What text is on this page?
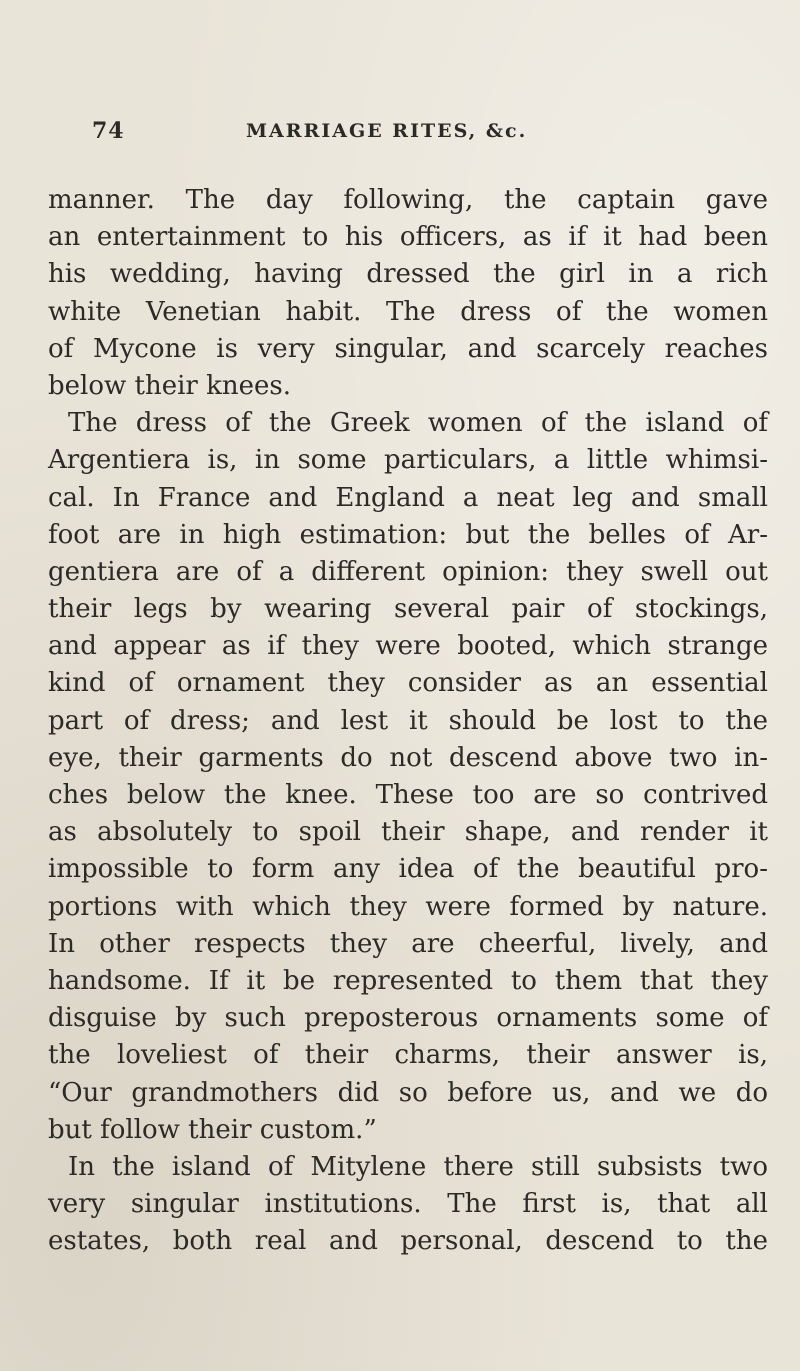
74	MARRIAGE RITES, &c.
manner. The day following, the captain gave
an entertainment to his officers, as if it had been
his wedding, having dressed the girl in a rich
white Venetian habit. The dress of the women
of Mycone is very singular, and scarcely reaches
below their knees.
The dress of the Greek women of the island of
Argentiera is, in some particulars, a little whimsi-
cal. In France and England a neat leg and small
foot are in high estimation: but the belles of Ar-
gentiera are of a different opinion: they swell out
their legs by wearing several pair of stockings,
and appear as if they were booted, which strange
kind of ornament they consider as an essential
part of dress; and lest it should be lost to the
eye, their garments do not descend above two in-
ches below the knee. These too are so contrived
as absolutely to spoil their shape, and render it
impossible to form any idea of the beautiful pro-
portions with which they were formed by nature.
In other respects they are cheerful, lively, and
handsome. If it be represented to them that they
disguise by such preposterous ornaments some of
the loveliest of their charms, their answer is,
“Our grandmothers did so before us, and we do
but follow their custom.”
In the island of Mitylene there still subsists two
very singular institutions. The first is, that all
estates, both real and personal, descend to the
